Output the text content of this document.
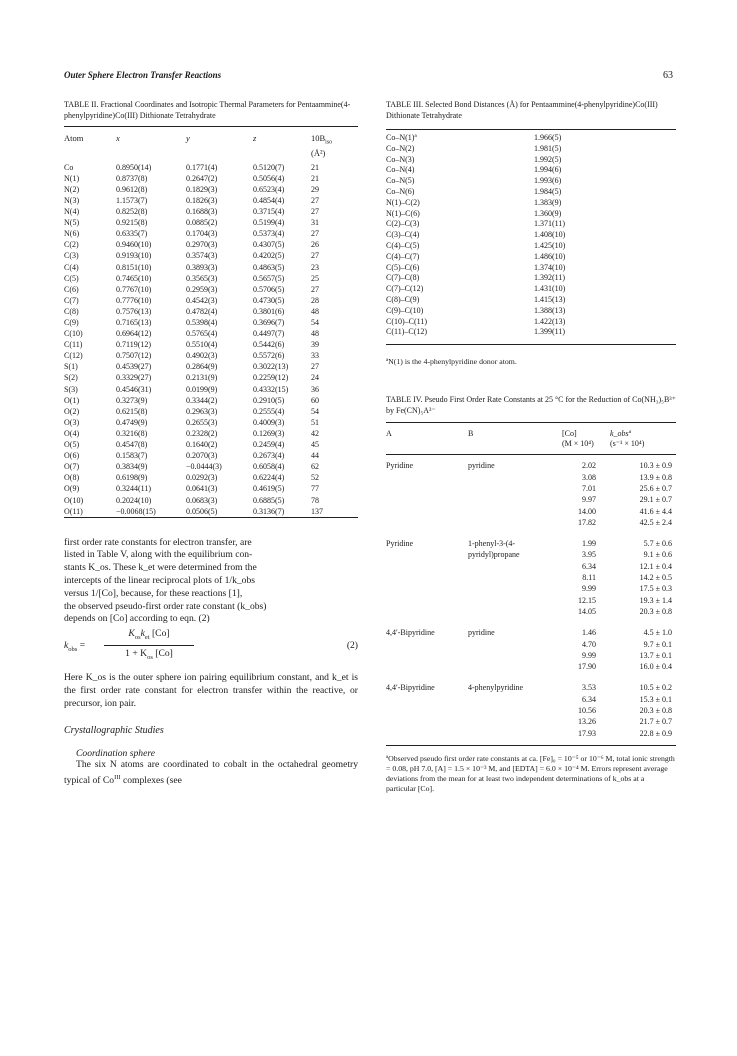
Outer Sphere Electron Transfer Reactions	63
TABLE II. Fractional Coordinates and Isotropic Thermal Parameters for Pentaammine(4-phenylpyridine)Co(III) Dithionate Tetrahydrate
Atom	x	y	z	$10B_{iso}$
(Å²)
Co	0.8950(14)	0.1771(4)	0.5120(7)	21
N(1)	0.8737(8)	0.2647(2)	0.5056(4)	21
N(2)	0.9612(8)	0.1829(3)	0.6523(4)	29
N(3)	1.1573(7)	0.1826(3)	0.4854(4)	27
N(4)	0.8252(8)	0.1688(3)	0.3715(4)	27
N(5)	0.9215(8)	0.0885(2)	0.5199(4)	31
N(6)	0.6335(7)	0.1704(3)	0.5373(4)	27
C(2)	0.9460(10)	0.2970(3)	0.4307(5)	26
C(3)	0.9193(10)	0.3574(3)	0.4202(5)	27
C(4)	0.8151(10)	0.3893(3)	0.4863(5)	23
C(5)	0.7465(10)	0.3565(3)	0.5657(5)	25
C(6)	0.7767(10)	0.2959(3)	0.5706(5)	27
C(7)	0.7776(10)	0.4542(3)	0.4730(5)	28
C(8)	0.7576(13)	0.4782(4)	0.3801(6)	48
C(9)	0.7165(13)	0.5398(4)	0.3696(7)	54
C(10)	0.6964(12)	0.5765(4)	0.4497(7)	48
C(11)	0.7119(12)	0.5510(4)	0.5442(6)	39
C(12)	0.7507(12)	0.4902(3)	0.5572(6)	33
S(1)	0.4539(27)	0.2864(9)	0.3022(13)	27
S(2)	0.3329(27)	0.2131(9)	0.2259(12)	24
S(3)	0.4546(31)	0.0199(9)	0.4332(15)	36
O(1)	0.3273(9)	0.3344(2)	0.2910(5)	60
O(2)	0.6215(8)	0.2963(3)	0.2555(4)	54
O(3)	0.4749(9)	0.2655(3)	0.4009(3)	51
O(4)	0.3216(8)	0.2328(2)	0.1269(3)	42
O(5)	0.4547(8)	0.1640(2)	0.2459(4)	45
O(6)	0.1583(7)	0.2070(3)	0.2673(4)	44
O(7)	0.3834(9)	−0.0444(3)	0.6058(4)	62
O(8)	0.6198(9)	0.0292(3)	0.6224(4)	52
O(9)	0.3244(11)	0.0641(3)	0.4619(5)	77
O(10)	0.2024(10)	0.0683(3)	0.6885(5)	78
O(11)	−0.0068(15)	0.0506(5)	0.3136(7)	137
first order rate constants for electron transfer, are
listed in Table V, along with the equilibrium con-
stants K_os. These k_et were determined from the
intercepts of the linear reciprocal plots of 1/k_obs
versus 1/[Co], because, for these reactions [1],
the observed pseudo-first order rate constant (k_obs)
depends on [Co] according to eqn. (2)
$k_{obs}$ =
$K_{os}k_{et}$ [Co]
$1 + K_{os}$ [Co]
(2)
Here K_os is the outer sphere ion pairing equilibrium constant, and k_et is the first order rate constant for electron transfer within the reactive, or precursor, ion pair.
Crystallographic Studies
Coordination sphere
The six N atoms are coordinated to cobalt in the octahedral geometry typical of $Co^{III}$ complexes (see
TABLE III. Selected Bond Distances (Å) for Pentaammine(4-phenylpyridine)Co(III) Dithionate Tetrahydrate
Co–N(1)ª	1.966(5)
Co–N(2)	1.981(5)
Co–N(3)	1.992(5)
Co–N(4)	1.994(6)
Co–N(5)	1.993(6)
Co–N(6)	1.984(5)
N(1)–C(2)	1.383(9)
N(1)–C(6)	1.360(9)
C(2)–C(3)	1.371(11)
C(3)–C(4)	1.408(10)
C(4)–C(5)	1.425(10)
C(4)–C(7)	1.486(10)
C(5)–C(6)	1.374(10)
C(7)–C(8)	1.392(11)
C(7)–C(12)	1.431(10)
C(8)–C(9)	1.415(13)
C(9)–C(10)	1.388(13)
C(10)–C(11)	1.422(13)
C(11)–C(12)	1.399(11)
ªN(1) is the 4-phenylpyridine donor atom.
TABLE IV. Pseudo First Order Rate Constants at 25 °C for the Reduction of Co(NH₃)₅B³⁺ by Fe(CN)₅A³⁻
A	B	[Co]
(M × 10⁴)	k_obsª
(s⁻¹ × 10⁴)

Pyridine	pyridine	2.02	10.3 ± 0.9
		3.08	13.9 ± 0.8
		7.01	25.6 ± 0.7
		9.97	29.1 ± 0.7
		14.00	41.6 ± 4.4
		17.82	42.5 ± 2.4

Pyridine	1-phenyl-3-(4-	1.99	5.7 ± 0.6
	pyridyl)propane	3.95	9.1 ± 0.6
		6.34	12.1 ± 0.4
		8.11	14.2 ± 0.5
		9.99	17.5 ± 0.3
		12.15	19.3 ± 1.4
		14.05	20.3 ± 0.8

4,4′-Bipyridine	pyridine	1.46	4.5 ± 1.0
		4.70	9.7 ± 0.1
		9.99	13.7 ± 0.1
		17.90	16.0 ± 0.4

4,4′-Bipyridine	4-phenylpyridine	3.53	10.5 ± 0.2
		6.34	15.3 ± 0.1
		10.56	20.3 ± 0.8
		13.26	21.7 ± 0.7
		17.93	22.8 ± 0.9
ªObserved pseudo first order rate constants at ca. [Fe]₀ = 10⁻⁵ or 10⁻⁶ M, total ionic strength = 0.08, pH 7.0, [A] = 1.5 × 10⁻³ M, and [EDTA] = 6.0 × 10⁻⁴ M. Errors represent average deviations from the mean for at least two independent determinations of k_obs at a particular [Co].
